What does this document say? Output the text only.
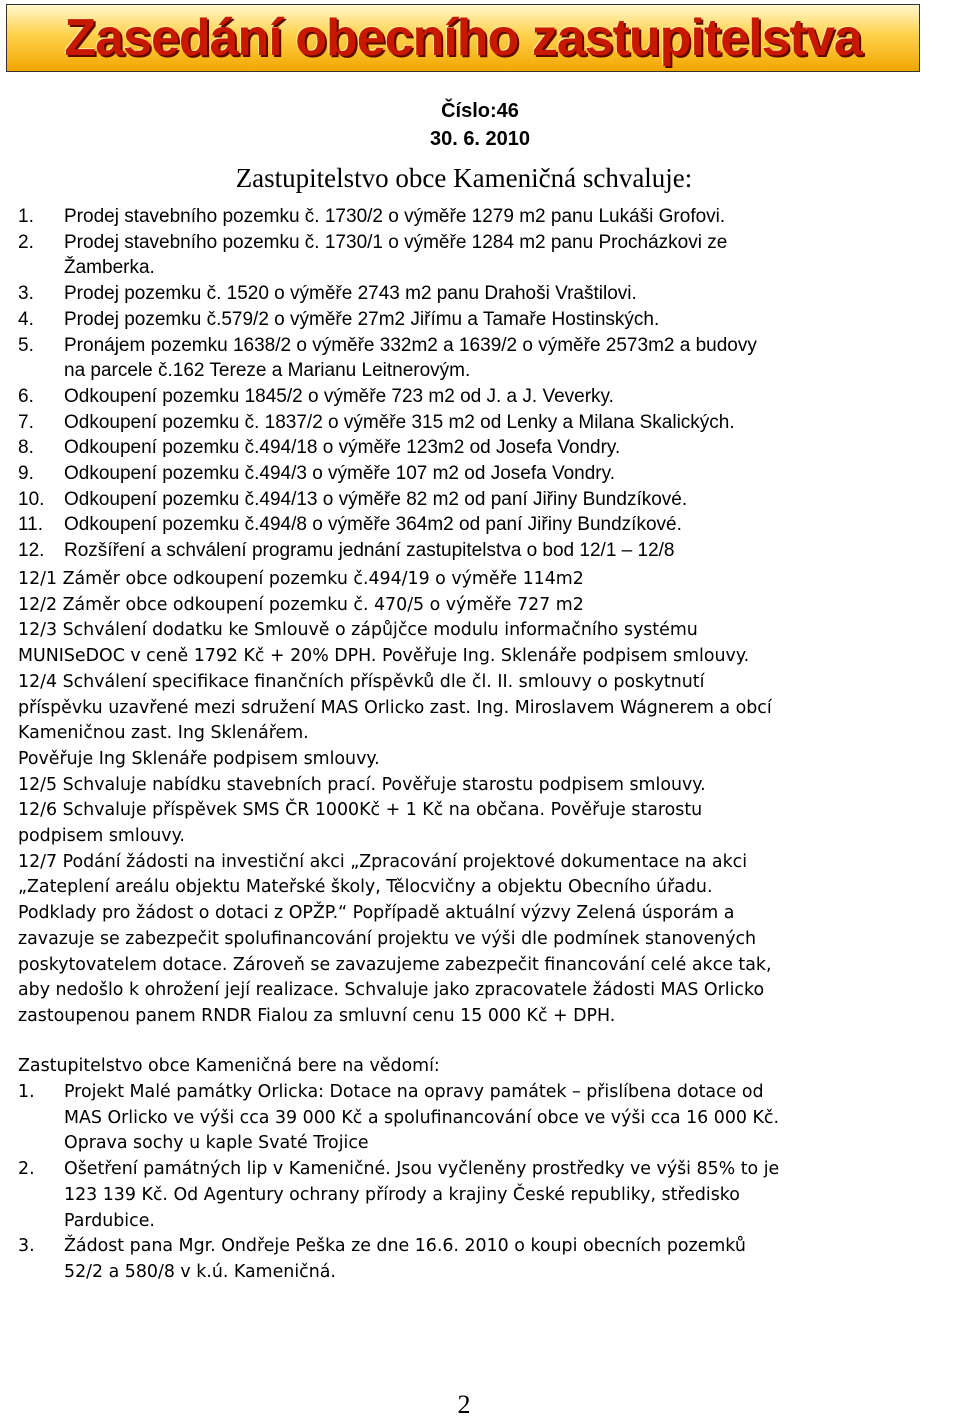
Zasedání obecního zastupitelstva
Číslo:46
30. 6. 2010
Zastupitelstvo obce Kameničná schvaluje:
1. Prodej stavebního pozemku č. 1730/2 o výměře 1279 m2 panu Lukáši Grofovi.
2. Prodej stavebního pozemku č. 1730/1 o výměře 1284 m2 panu Procházkovi ze
Žamberka.
3. Prodej pozemku č. 1520 o výměře 2743 m2 panu Drahoši Vraštilovi.
4. Prodej pozemku č.579/2 o výměře 27m2 Jiřímu a Tamaře Hostinských.
5. Pronájem pozemku 1638/2 o výměře 332m2 a 1639/2 o výměře 2573m2 a budovy
na parcele č.162 Tereze a Marianu Leitnerovým.
6. Odkoupení pozemku 1845/2 o výměře 723 m2 od J. a J. Veverky.
7. Odkoupení pozemku č. 1837/2 o výměře 315 m2 od Lenky a Milana Skalických.
8. Odkoupení pozemku č.494/18 o výměře 123m2 od Josefa Vondry.
9. Odkoupení pozemku č.494/3 o výměře 107 m2 od Josefa Vondry.
10. Odkoupení pozemku č.494/13 o výměře 82 m2 od paní Jiřiny Bundzíkové.
11. Odkoupení pozemku č.494/8 o výměře 364m2 od paní Jiřiny Bundzíkové.
12. Rozšíření a schválení programu jednání zastupitelstva o bod 12/1 – 12/8
12/1 Záměr obce odkoupení pozemku č.494/19 o výměře 114m2
12/2 Záměr obce odkoupení pozemku č. 470/5 o výměře 727 m2
12/3 Schválení dodatku ke Smlouvě o zápůjčce modulu informačního systému
MUNISeDOC v ceně 1792 Kč + 20% DPH. Pověřuje Ing. Sklenáře podpisem smlouvy.
12/4 Schválení specifikace finančních příspěvků dle čl. II. smlouvy o poskytnutí
příspěvku uzavřené mezi sdružení MAS Orlicko zast. Ing. Miroslavem Wágnerem a obcí
Kameničnou zast. Ing Sklenářem.
Pověřuje Ing Sklenáře podpisem smlouvy.
12/5 Schvaluje nabídku stavebních prací. Pověřuje starostu podpisem smlouvy.
12/6 Schvaluje příspěvek SMS ČR 1000Kč + 1 Kč na občana. Pověřuje starostu
podpisem smlouvy.
12/7 Podání žádosti na investiční akci „Zpracování projektové dokumentace na akci
„Zateplení areálu objektu Mateřské školy, Tělocvičny a objektu Obecního úřadu.
Podklady pro žádost o dotaci z OPŽP.“ Popřípadě aktuální výzvy Zelená úsporám a
zavazuje se zabezpečit spolufinancování projektu ve výši dle podmínek stanovených
poskytovatelem dotace. Zároveň se zavazujeme zabezpečit financování celé akce tak,
aby nedošlo k ohrožení její realizace. Schvaluje jako zpracovatele žádosti MAS Orlicko
zastoupenou panem RNDR Fialou za smluvní cenu 15 000 Kč + DPH.
Zastupitelstvo obce Kameničná bere na vědomí:
1. Projekt Malé památky Orlicka: Dotace na opravy památek – přislíbena dotace od
MAS Orlicko ve výši cca 39 000 Kč a spolufinancování obce ve výši cca 16 000 Kč.
Oprava sochy u kaple Svaté Trojice
2. Ošetření památných lip v Kameničné. Jsou vyčleněny prostředky ve výši 85% to je
123 139 Kč. Od Agentury ochrany přírody a krajiny České republiky, středisko
Pardubice.
3. Žádost pana Mgr. Ondřeje Peška ze dne 16.6. 2010 o koupi obecních pozemků
52/2 a 580/8 v k.ú. Kameničná.
2
